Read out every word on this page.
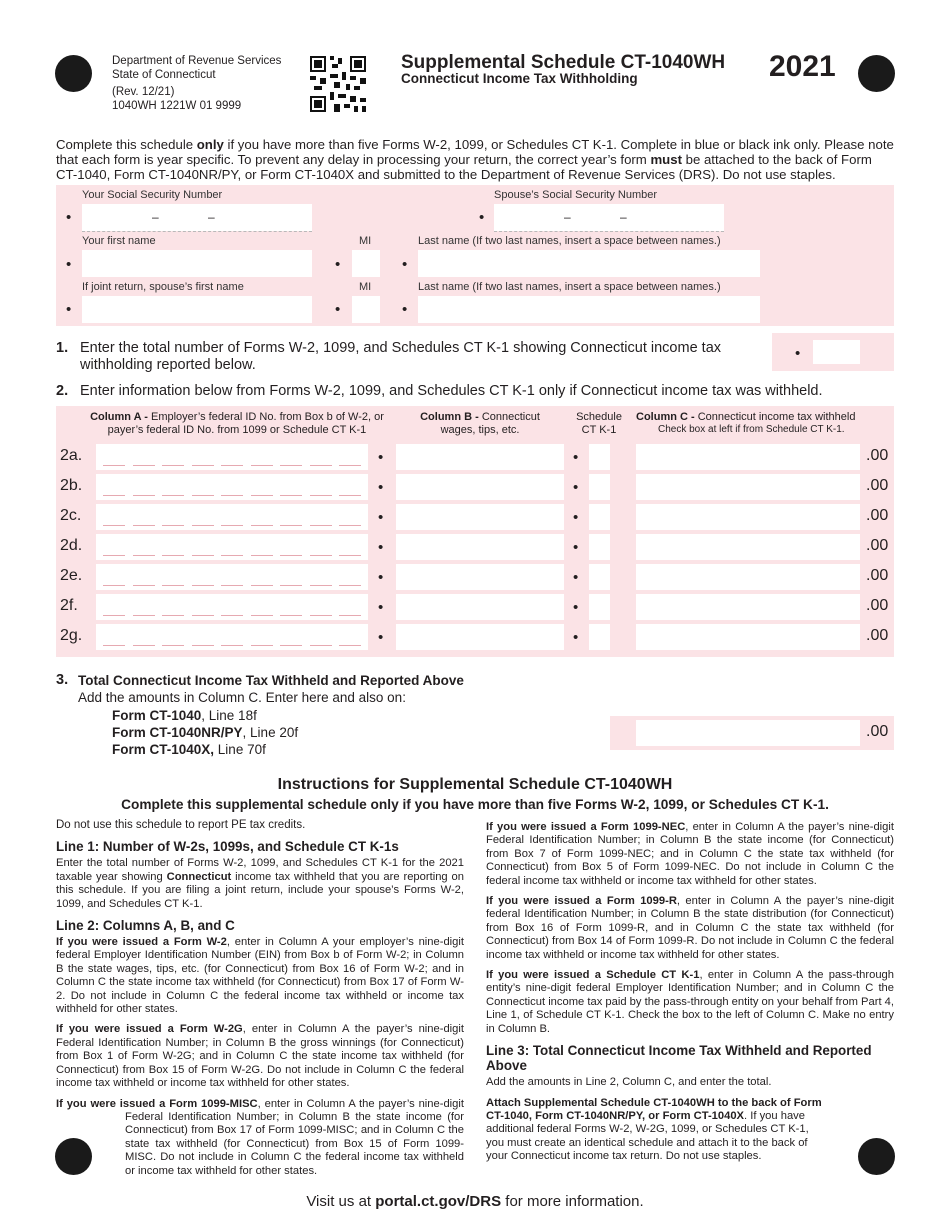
Department of Revenue Services
State of Connecticut
(Rev. 12/21)
1040WH 1221W 01 9999
Supplemental Schedule CT-1040WH
Connecticut Income Tax Withholding	2021
Complete this schedule only if you have more than five Forms W-2, 1099, or Schedules CT K-1. Complete in blue or black ink only. Please note that each form is year specific. To prevent any delay in processing your return, the correct year’s form must be attached to the back of Form CT-1040, Form CT-1040NR/PY, or Form CT-1040X and submitted to the Department of Revenue Services (DRS). Do not use staples.
Your Social Security Number	Spouse’s Social Security Number
•	–	–	•	–	–
Your first name	MI	Last name (If two last names, insert a space between names.)
•	•	•
If joint return, spouse’s first name	MI	Last name (If two last names, insert a space between names.)
•	•	•
1. Enter the total number of Forms W-2, 1099, and Schedules CT K-1 showing Connecticut income tax withholding reported below.
•
2. Enter information below from Forms W-2, 1099, and Schedules CT K-1 only if Connecticut income tax was withheld.
Column A - Employer’s federal ID No. from Box b of W-2, or payer’s federal ID No. from 1099 or Schedule CT K-1
Column B - Connecticut wages, tips, etc.
Schedule
CT K-1
Column C - Connecticut income tax withheld
Check box at left if from Schedule CT K-1.
2a.	•	•	.00
2b.	•	•	.00
2c.	•	•	.00
2d.	•	•	.00
2e.	•	•	.00
2f.	•	•	.00
2g.	•	•	.00
3. Total Connecticut Income Tax Withheld and Reported Above
Add the amounts in Column C. Enter here and also on:
Form CT-1040, Line 18f
Form CT-1040NR/PY, Line 20f
Form CT-1040X, Line 70f
.00
Instructions for Supplemental Schedule CT-1040WH
Complete this supplemental schedule only if you have more than five Forms W-2, 1099, or Schedules CT K-1.

Do not use this schedule to report PE tax credits.

Line 1: Number of W-2s, 1099s, and Schedule CT K-1s

Enter the total number of Forms W-2, 1099, and Schedules CT K-1 for the 2021 taxable year showing Connecticut income tax withheld that you are reporting on this schedule. If you are filing a joint return, include your spouse’s Forms W-2, 1099, and Schedules CT K-1.

Line 2: Columns A, B, and C

If you were issued a Form W-2, enter in Column A your employer’s nine-digit federal Employer Identification Number (EIN) from Box b of Form W-2; in Column B the state wages, tips, etc. (for Connecticut) from Box 16 of Form W-2; and in Column C the state income tax withheld (for Connecticut) from Box 17 of Form W-2. Do not include in Column C the federal income tax withheld or income tax withheld for other states.

If you were issued a Form W-2G, enter in Column A the payer’s nine-digit Federal Identification Number; in Column B the gross winnings (for Connecticut) from Box 1 of Form W-2G; and in Column C the state income tax withheld (for Connecticut) from Box 15 of Form W-2G. Do not include in Column C the federal income tax withheld or income tax withheld for other states.

If you were issued a Form 1099-MISC, enter in Column A the payer’s nine-digit Federal Identification Number; in Column B the state income (for Connecticut) from Box 17 of Form 1099-MISC; and in Column C the state tax withheld (for Connecticut) from Box 15 of Form 1099-MISC. Do not include in Column C the federal income tax withheld or income tax withheld for other states.

If you were issued a Form 1099-NEC, enter in Column A the payer’s nine-digit Federal Identification Number; in Column B the state income (for Connecticut) from Box 7 of Form 1099-NEC; and in Column C the state tax withheld (for Connecticut) from Box 5 of Form 1099-NEC. Do not include in Column C the federal income tax withheld or income tax withheld for other states.

If you were issued a Form 1099-R, enter in Column A the payer’s nine-digit federal Identification Number; in Column B the state distribution (for Connecticut) from Box 16 of Form 1099-R, and in Column C the state tax withheld (for Connecticut) from Box 14 of Form 1099-R. Do not include in Column C the federal income tax withheld or income tax withheld for other states.

If you were issued a Schedule CT K-1, enter in Column A the pass-through entity’s nine-digit federal Employer Identification Number; and in Column C the Connecticut income tax paid by the pass-through entity on your behalf from Part 4, Line 1, of Schedule CT K-1. Check the box to the left of Column C. Make no entry in Column B.

Line 3: Total Connecticut Income Tax Withheld and Reported Above

Add the amounts in Line 2, Column C, and enter the total.

Attach Supplemental Schedule CT-1040WH to the back of Form CT-1040, Form CT-1040NR/PY, or Form CT-1040X. If you have additional federal Forms W-2, W-2G, 1099, or Schedules CT K-1, you must create an identical schedule and attach it to the back of your Connecticut income tax return. Do not use staples.

Visit us at portal.ct.gov/DRS for more information.
